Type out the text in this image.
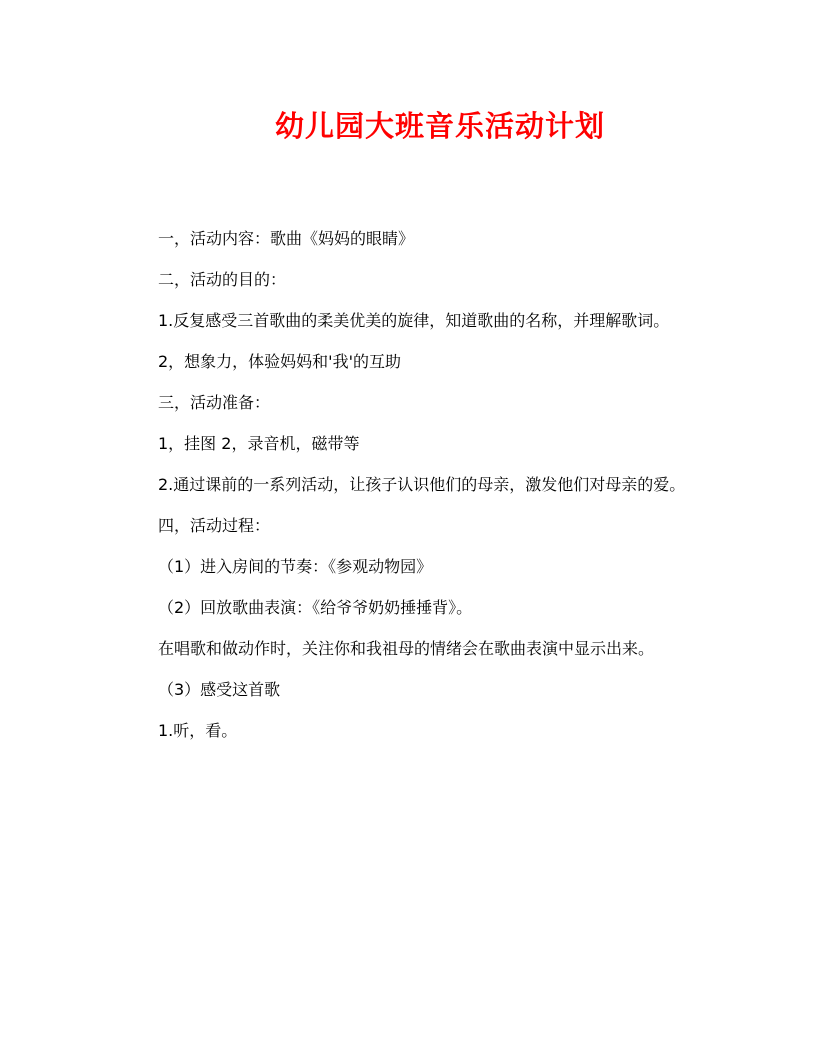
幼儿园大班音乐活动计划

一，活动内容：歌曲《妈妈的眼睛》

二，活动的目的：

1.反复感受三首歌曲的柔美优美的旋律，知道歌曲的名称，并理解歌词。

2，想象力，体验妈妈和'我'的互助

三，活动准备：

1，挂图 2，录音机，磁带等

2.通过课前的一系列活动，让孩子认识他们的母亲，激发他们对母亲的爱。

四，活动过程：

（1）进入房间的节奏：《参观动物园》

（2）回放歌曲表演：《给爷爷奶奶捶捶背》。

在唱歌和做动作时，关注你和我祖母的情绪会在歌曲表演中显示出来。

（3）感受这首歌

1.听，看。
